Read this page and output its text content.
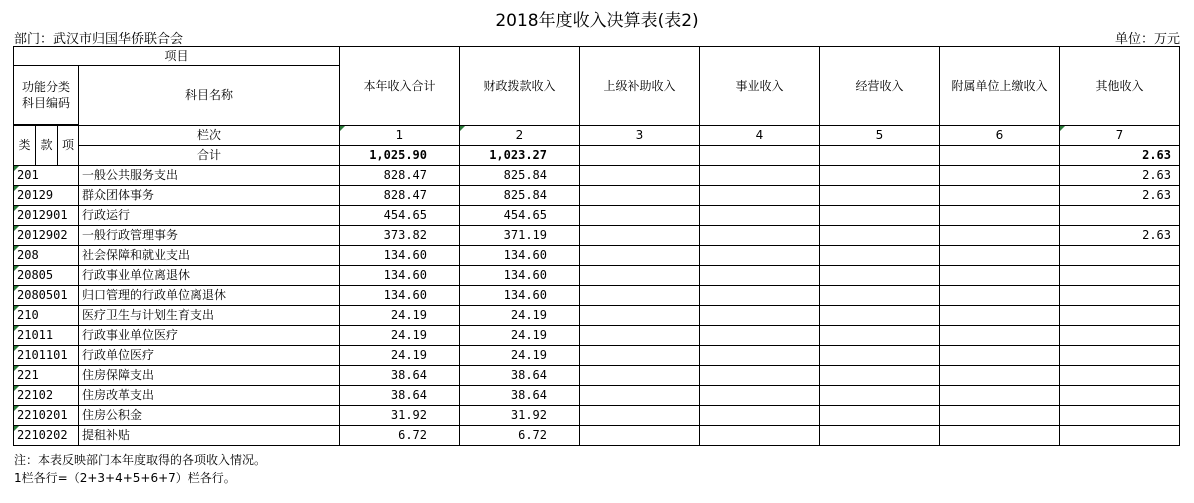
2018年度收入决算表(表2)
部门：武汉市归国华侨联合会	单位：万元
项目				本年收入合计	财政拨款收入	上级补助收入	事业收入	经营收入	附属单位上缴收入	其他收入
功能分类科目编码			科目名称							

类	款	项	栏次	1	2	3	4	5	6	7
			合计	1,025.90	1,023.27					2.63
201			一般公共服务支出	828.47	825.84					2.63
20129			群众团体事务	828.47	825.84					2.63
2012901			行政运行	454.65	454.65					
2012902			一般行政管理事务	373.82	371.19					2.63
208			社会保障和就业支出	134.60	134.60					
20805			行政事业单位离退休	134.60	134.60					
2080501			归口管理的行政单位离退休	134.60	134.60					
210			医疗卫生与计划生育支出	24.19	24.19					
21011			行政事业单位医疗	24.19	24.19					
2101101			行政单位医疗	24.19	24.19					
221			住房保障支出	38.64	38.64					
22102			住房改革支出	38.64	38.64					
2210201			住房公积金	31.92	31.92					
2210202			提租补贴	6.72	6.72					
注：本表反映部门本年度取得的各项收入情况。
1栏各行=（2+3+4+5+6+7）栏各行。
